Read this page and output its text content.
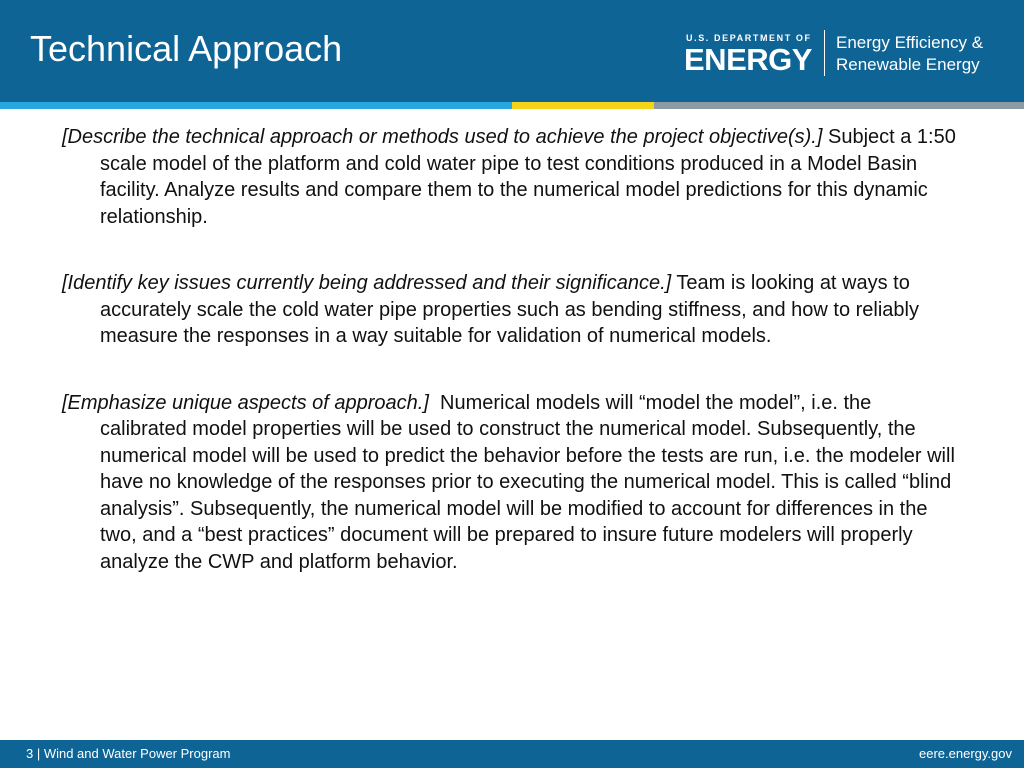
Technical Approach	U.S. DEPARTMENT OF
ENERGY Energy Efficiency &
Renewable Energy

[Describe the technical approach or methods used to achieve the project objective(s).] Subject a 1:50 scale model of the platform and cold water pipe to test conditions produced in a Model Basin facility. Analyze results and compare them to the numerical model predictions for this dynamic relationship.

[Identify key issues currently being addressed and their significance.] Team is looking at ways to accurately scale the cold water pipe properties such as bending stiffness, and how to reliably measure the responses in a way suitable for validation of numerical models.

[Emphasize unique aspects of approach.]  Numerical models will “model the model”, i.e. the calibrated model properties will be used to construct the numerical model. Subsequently, the numerical model will be used to predict the behavior before the tests are run, i.e. the modeler will have no knowledge of the responses prior to executing the numerical model. This is called “blind analysis”. Subsequently, the numerical model will be modified to account for differences in the two, and a “best practices” document will be prepared to insure future modelers will properly analyze the CWP and platform behavior.

3 | Wind and Water Power Program	eere.energy.gov
